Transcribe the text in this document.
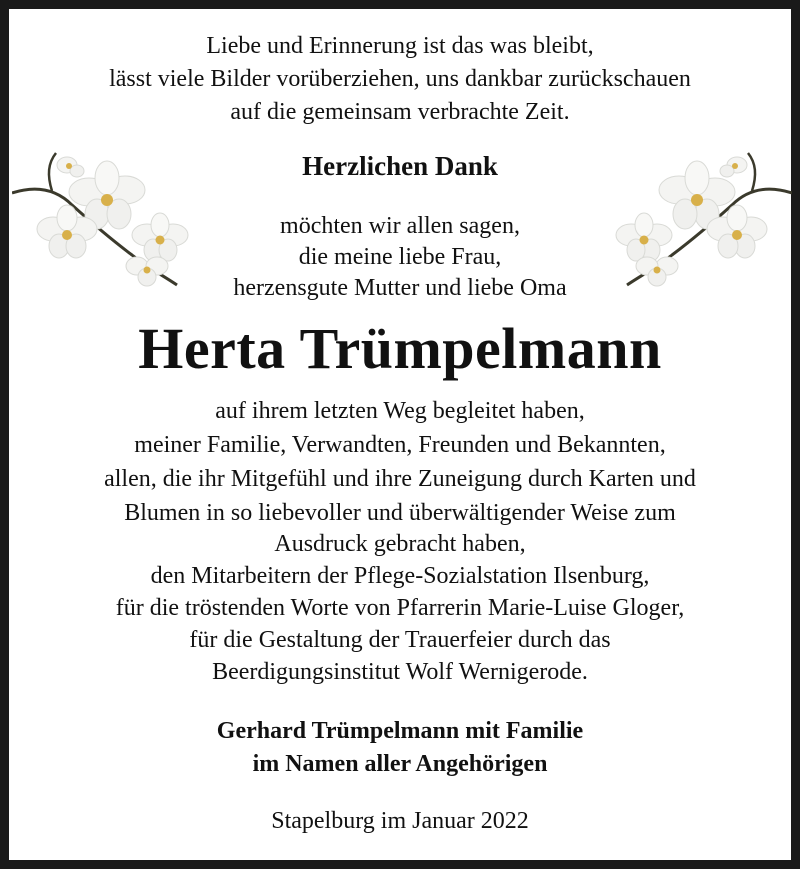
Liebe und Erinnerung ist das was bleibt,
lässt viele Bilder vorüberziehen, uns dankbar zurückschauen
auf die gemeinsam verbrachte Zeit.
Herzlichen Dank
möchten wir allen sagen,
die meine liebe Frau,
herzensgute Mutter und liebe Oma
Herta Trümpelmann
auf ihrem letzten Weg begleitet haben,
meiner Familie, Verwandten, Freunden und Bekannten,
allen, die ihr Mitgefühl und ihre Zuneigung durch Karten und
Blumen in so liebevoller und überwältigender Weise zum
Ausdruck gebracht haben,
den Mitarbeitern der Pflege-Sozialstation Ilsenburg,
für die tröstenden Worte von Pfarrerin Marie-Luise Gloger,
für die Gestaltung der Trauerfeier durch das
Beerdigungsinstitut Wolf Wernigerode.
Gerhard Trümpelmann mit Familie
im Namen aller Angehörigen
Stapelburg im Januar 2022
